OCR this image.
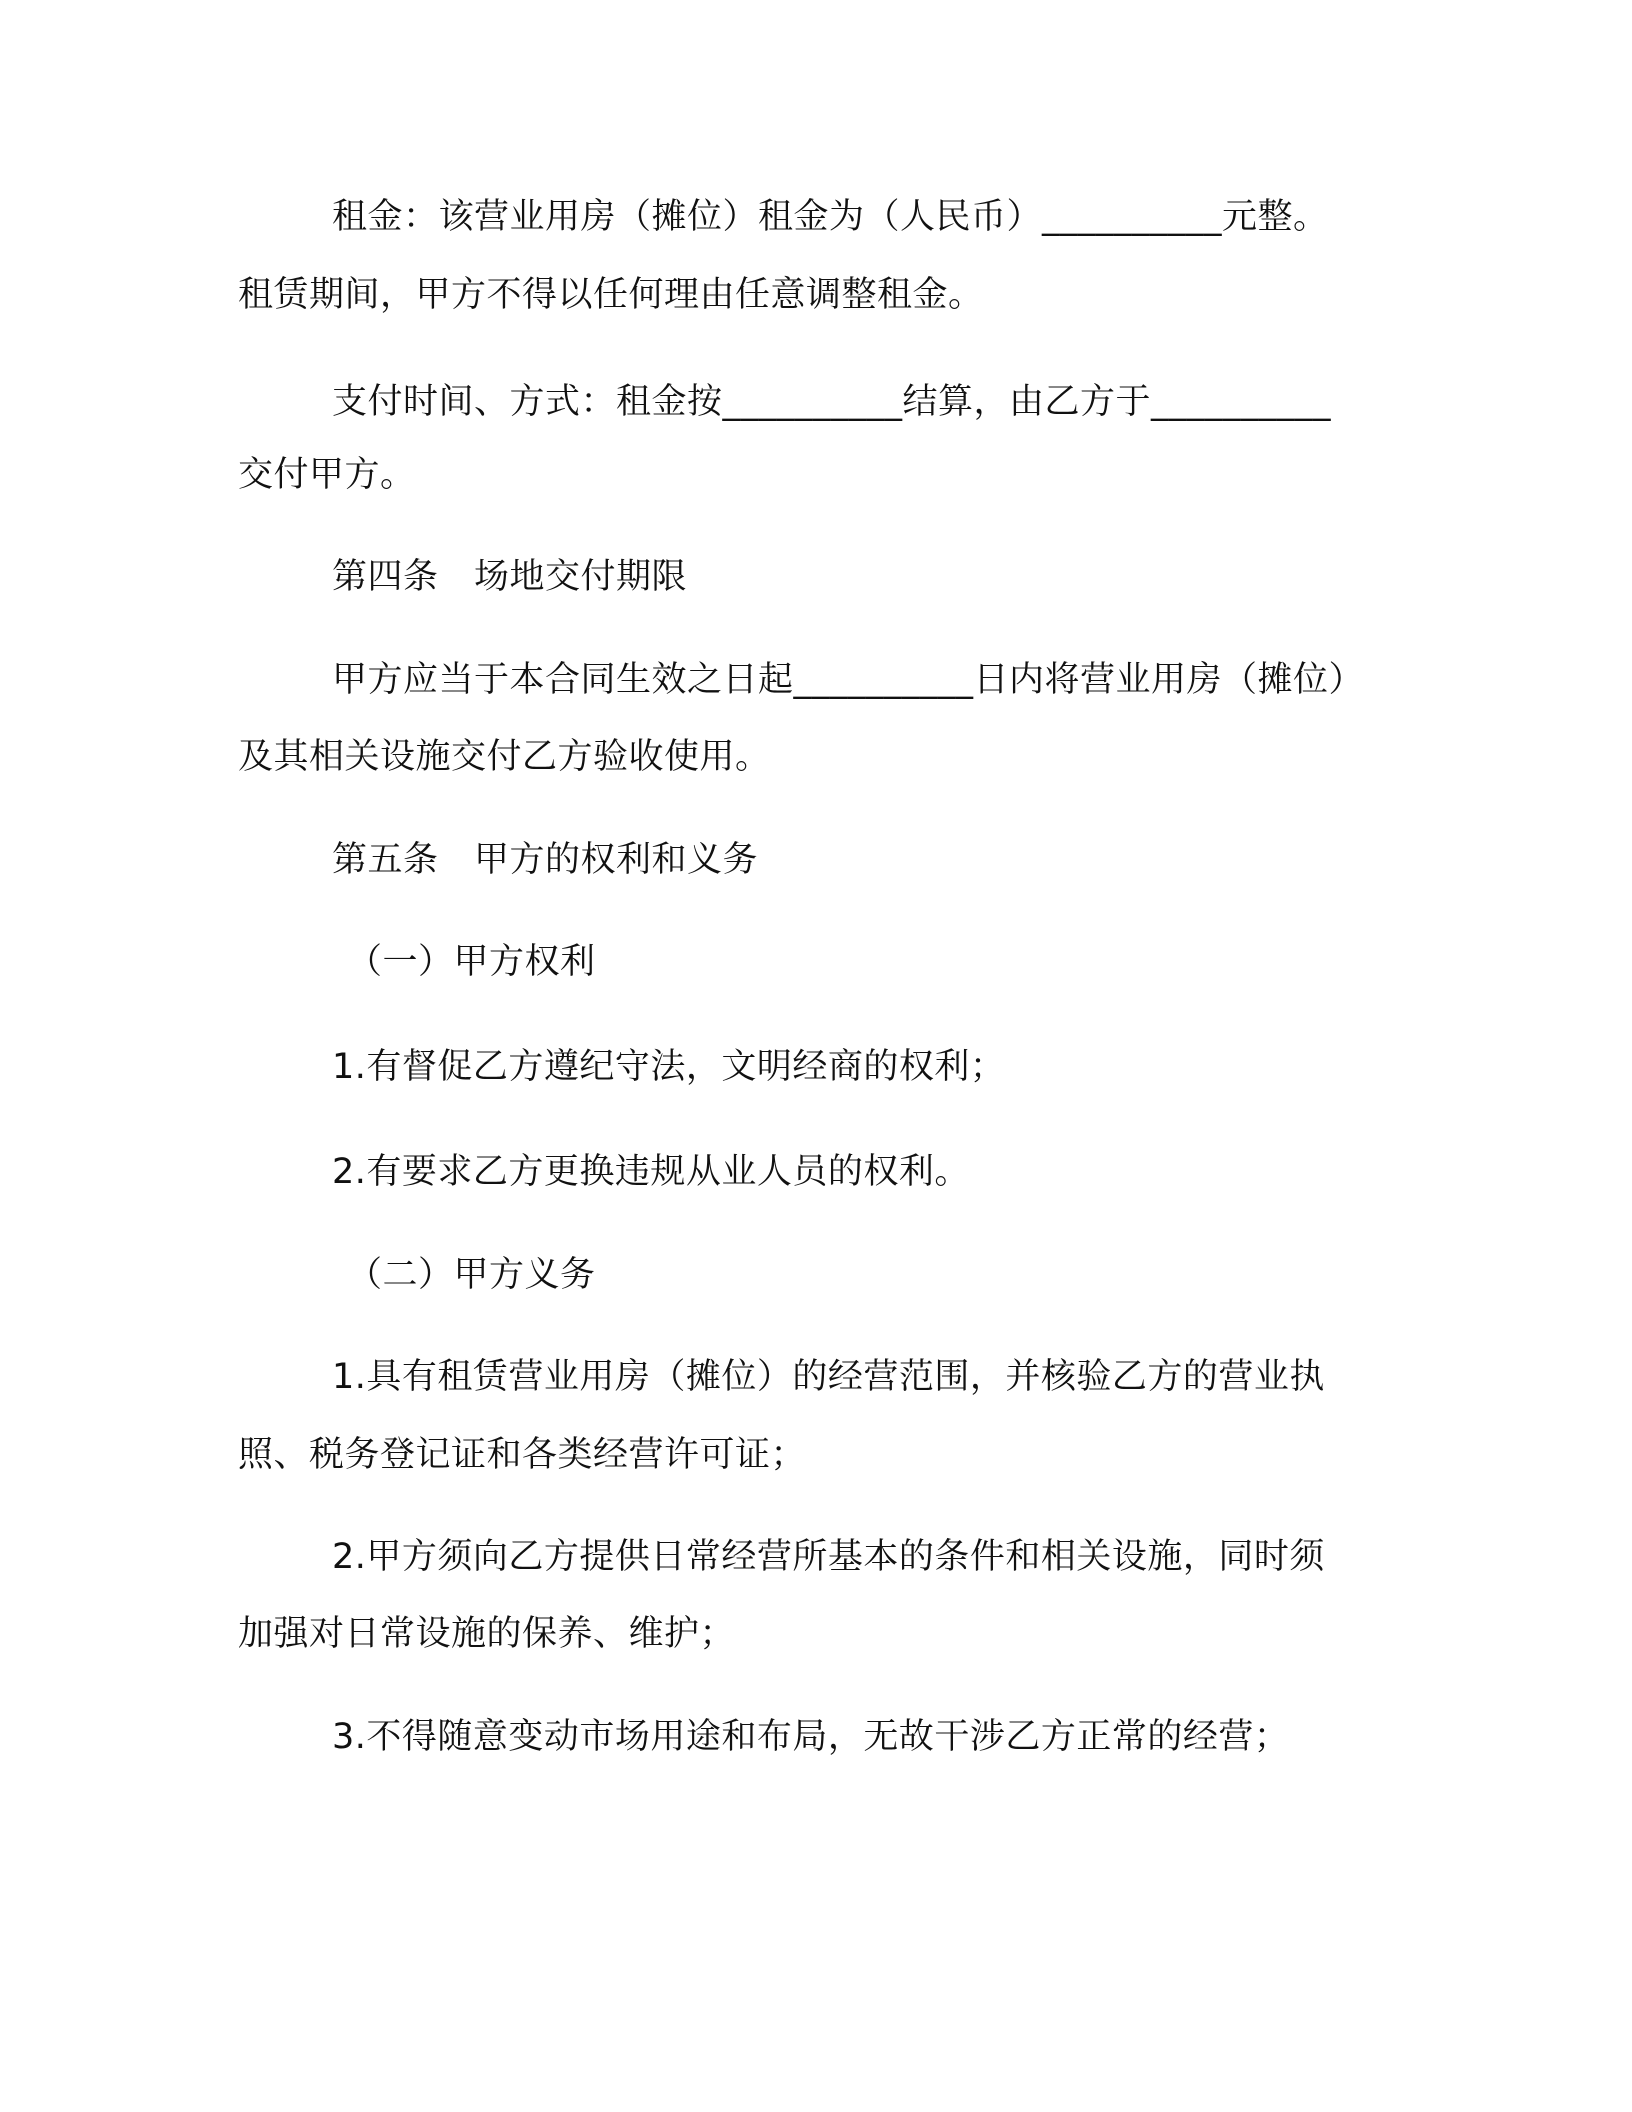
租金：该营业用房（摊位）租金为（人民币）__________元整。
租赁期间，甲方不得以任何理由任意调整租金。
支付时间、方式：租金按__________结算，由乙方于__________
交付甲方。
第四条　场地交付期限
甲方应当于本合同生效之日起__________日内将营业用房（摊位）
及其相关设施交付乙方验收使用。
第五条　甲方的权利和义务
（一）甲方权利
1.有督促乙方遵纪守法，文明经商的权利；
2.有要求乙方更换违规从业人员的权利。
（二）甲方义务
1.具有租赁营业用房（摊位）的经营范围，并核验乙方的营业执
照、税务登记证和各类经营许可证；
2.甲方须向乙方提供日常经营所基本的条件和相关设施，同时须
加强对日常设施的保养、维护；
3.不得随意变动市场用途和布局，无故干涉乙方正常的经营；
